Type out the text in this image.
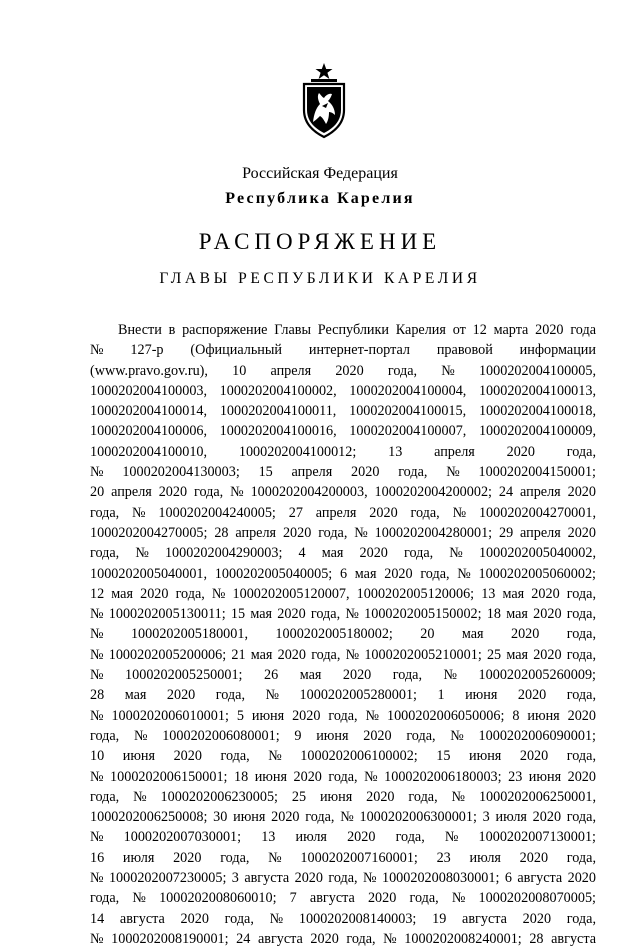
Российская Федерация
Республика Карелия
РАСПОРЯЖЕНИЕ
ГЛАВЫ РЕСПУБЛИКИ КАРЕЛИЯ
Внести в распоряжение Главы Республики Карелия от 12 марта 2020 года
№ 127-р (Официальный интернет-портал правовой информации
(www.pravo.gov.ru), 10 апреля 2020 года, № 1000202004100005,
1000202004100003, 1000202004100002, 1000202004100004, 1000202004100013,
1000202004100014, 1000202004100011, 1000202004100015, 1000202004100018,
1000202004100006, 1000202004100016, 1000202004100007, 1000202004100009,
1000202004100010, 1000202004100012; 13 апреля 2020 года,
№ 1000202004130003; 15 апреля 2020 года, № 1000202004150001;
20 апреля 2020 года, № 1000202004200003, 1000202004200002; 24 апреля 2020
года, № 1000202004240005; 27 апреля 2020 года, № 1000202004270001,
1000202004270005; 28 апреля 2020 года, № 1000202004280001; 29 апреля 2020
года, № 1000202004290003; 4 мая 2020 года, № 1000202005040002,
1000202005040001, 1000202005040005; 6 мая 2020 года, № 1000202005060002;
12 мая 2020 года, № 1000202005120007, 1000202005120006; 13 мая 2020 года,
№ 1000202005130011; 15 мая 2020 года, № 1000202005150002; 18 мая 2020 года,
№ 1000202005180001, 1000202005180002; 20 мая 2020 года,
№ 1000202005200006; 21 мая 2020 года, № 1000202005210001; 25 мая 2020 года,
№ 1000202005250001; 26 мая 2020 года, № 1000202005260009;
28 мая 2020 года, № 1000202005280001; 1 июня 2020 года,
№ 1000202006010001; 5 июня 2020 года, № 1000202006050006; 8 июня 2020
года, № 1000202006080001; 9 июня 2020 года, № 1000202006090001;
10 июня 2020 года, № 1000202006100002; 15 июня 2020 года,
№ 1000202006150001; 18 июня 2020 года, № 1000202006180003; 23 июня 2020
года, № 1000202006230005; 25 июня 2020 года, № 1000202006250001,
1000202006250008; 30 июня 2020 года, № 1000202006300001; 3 июля 2020 года,
№ 1000202007030001; 13 июля 2020 года, № 1000202007130001;
16 июля 2020 года, № 1000202007160001; 23 июля 2020 года,
№ 1000202007230005; 3 августа 2020 года, № 1000202008030001; 6 августа 2020
года, № 1000202008060010; 7 августа 2020 года, № 1000202008070005;
14 августа 2020 года, № 1000202008140003; 19 августа 2020 года,
№ 1000202008190001; 24 августа 2020 года, № 1000202008240001; 28 августа
